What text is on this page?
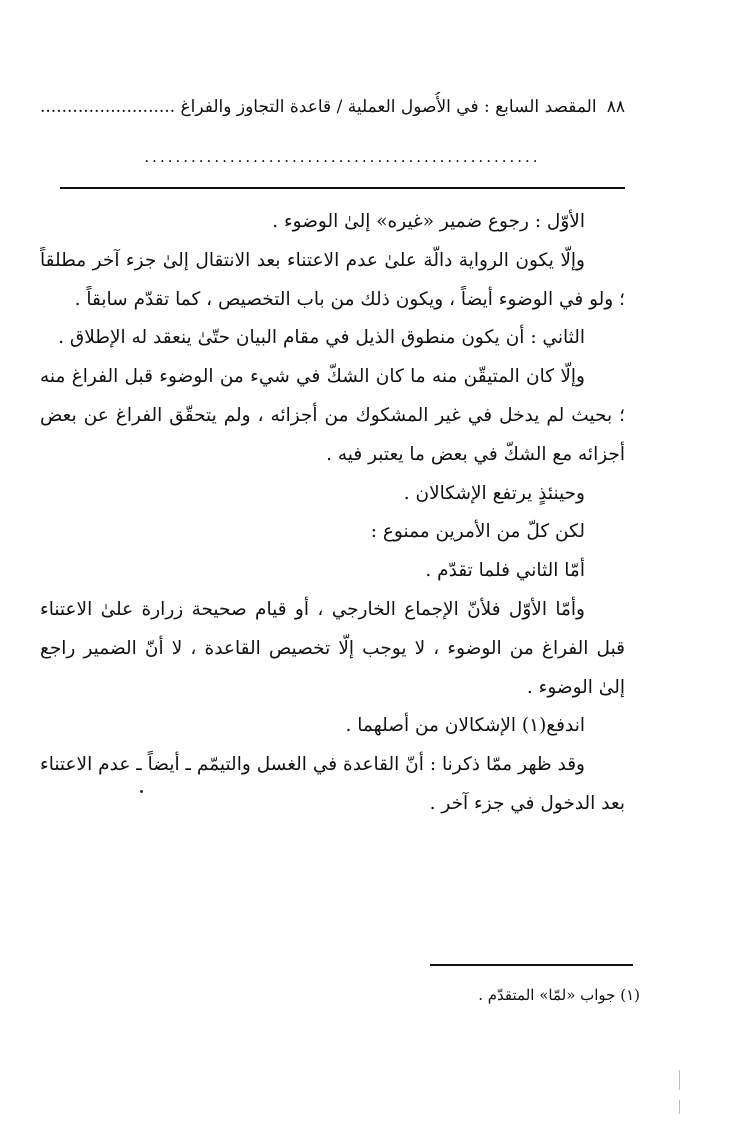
٨٨
المقصد السابع : في الأُصول العملية / قاعدة التجاوز والفراغ .........................
...................................................

الأوّل : رجوع ضمير «غيره» إلىٰ الوضوء .

وإلّا يكون الرواية دالّة علىٰ عدم الاعتناء بعد الانتقال إلىٰ جزء آخر مطلقاً ؛ ولو في الوضوء أيضاً ، ويكون ذلك من باب التخصيص ، كما تقدّم سابقاً .

الثاني : أن يكون منطوق الذيل في مقام البيان حتّىٰ ينعقد له الإطلاق .

وإلّا كان المتيقّن منه ما كان الشكّ في شيء من الوضوء قبل الفراغ منه ؛ بحيث لم يدخل في غير المشكوك من أجزائه ، ولم يتحقّق الفراغ عن بعض أجزائه مع الشكّ في بعض ما يعتبر فيه .

وحينئذٍ يرتفع الإشكالان .

لكن كلّ من الأمرين ممنوع :

أمّا الثاني فلما تقدّم .

وأمّا الأوّل فلأنّ الإجماع الخارجي ، أو قيام صحيحة زرارة علىٰ الاعتناء قبل الفراغ من الوضوء ، لا يوجب إلّا تخصيص القاعدة ، لا أنّ الضمير راجع إلىٰ الوضوء .

اندفع(١) الإشكالان من أصلهما .

وقد ظهر ممّا ذكرنا : أنّ القاعدة في الغسل والتيمّم ـ أيضاً ـ عدم الاعتناء بعد الدخول في جزء آخر .

(١) جواب «لمّا» المتقدّم .
